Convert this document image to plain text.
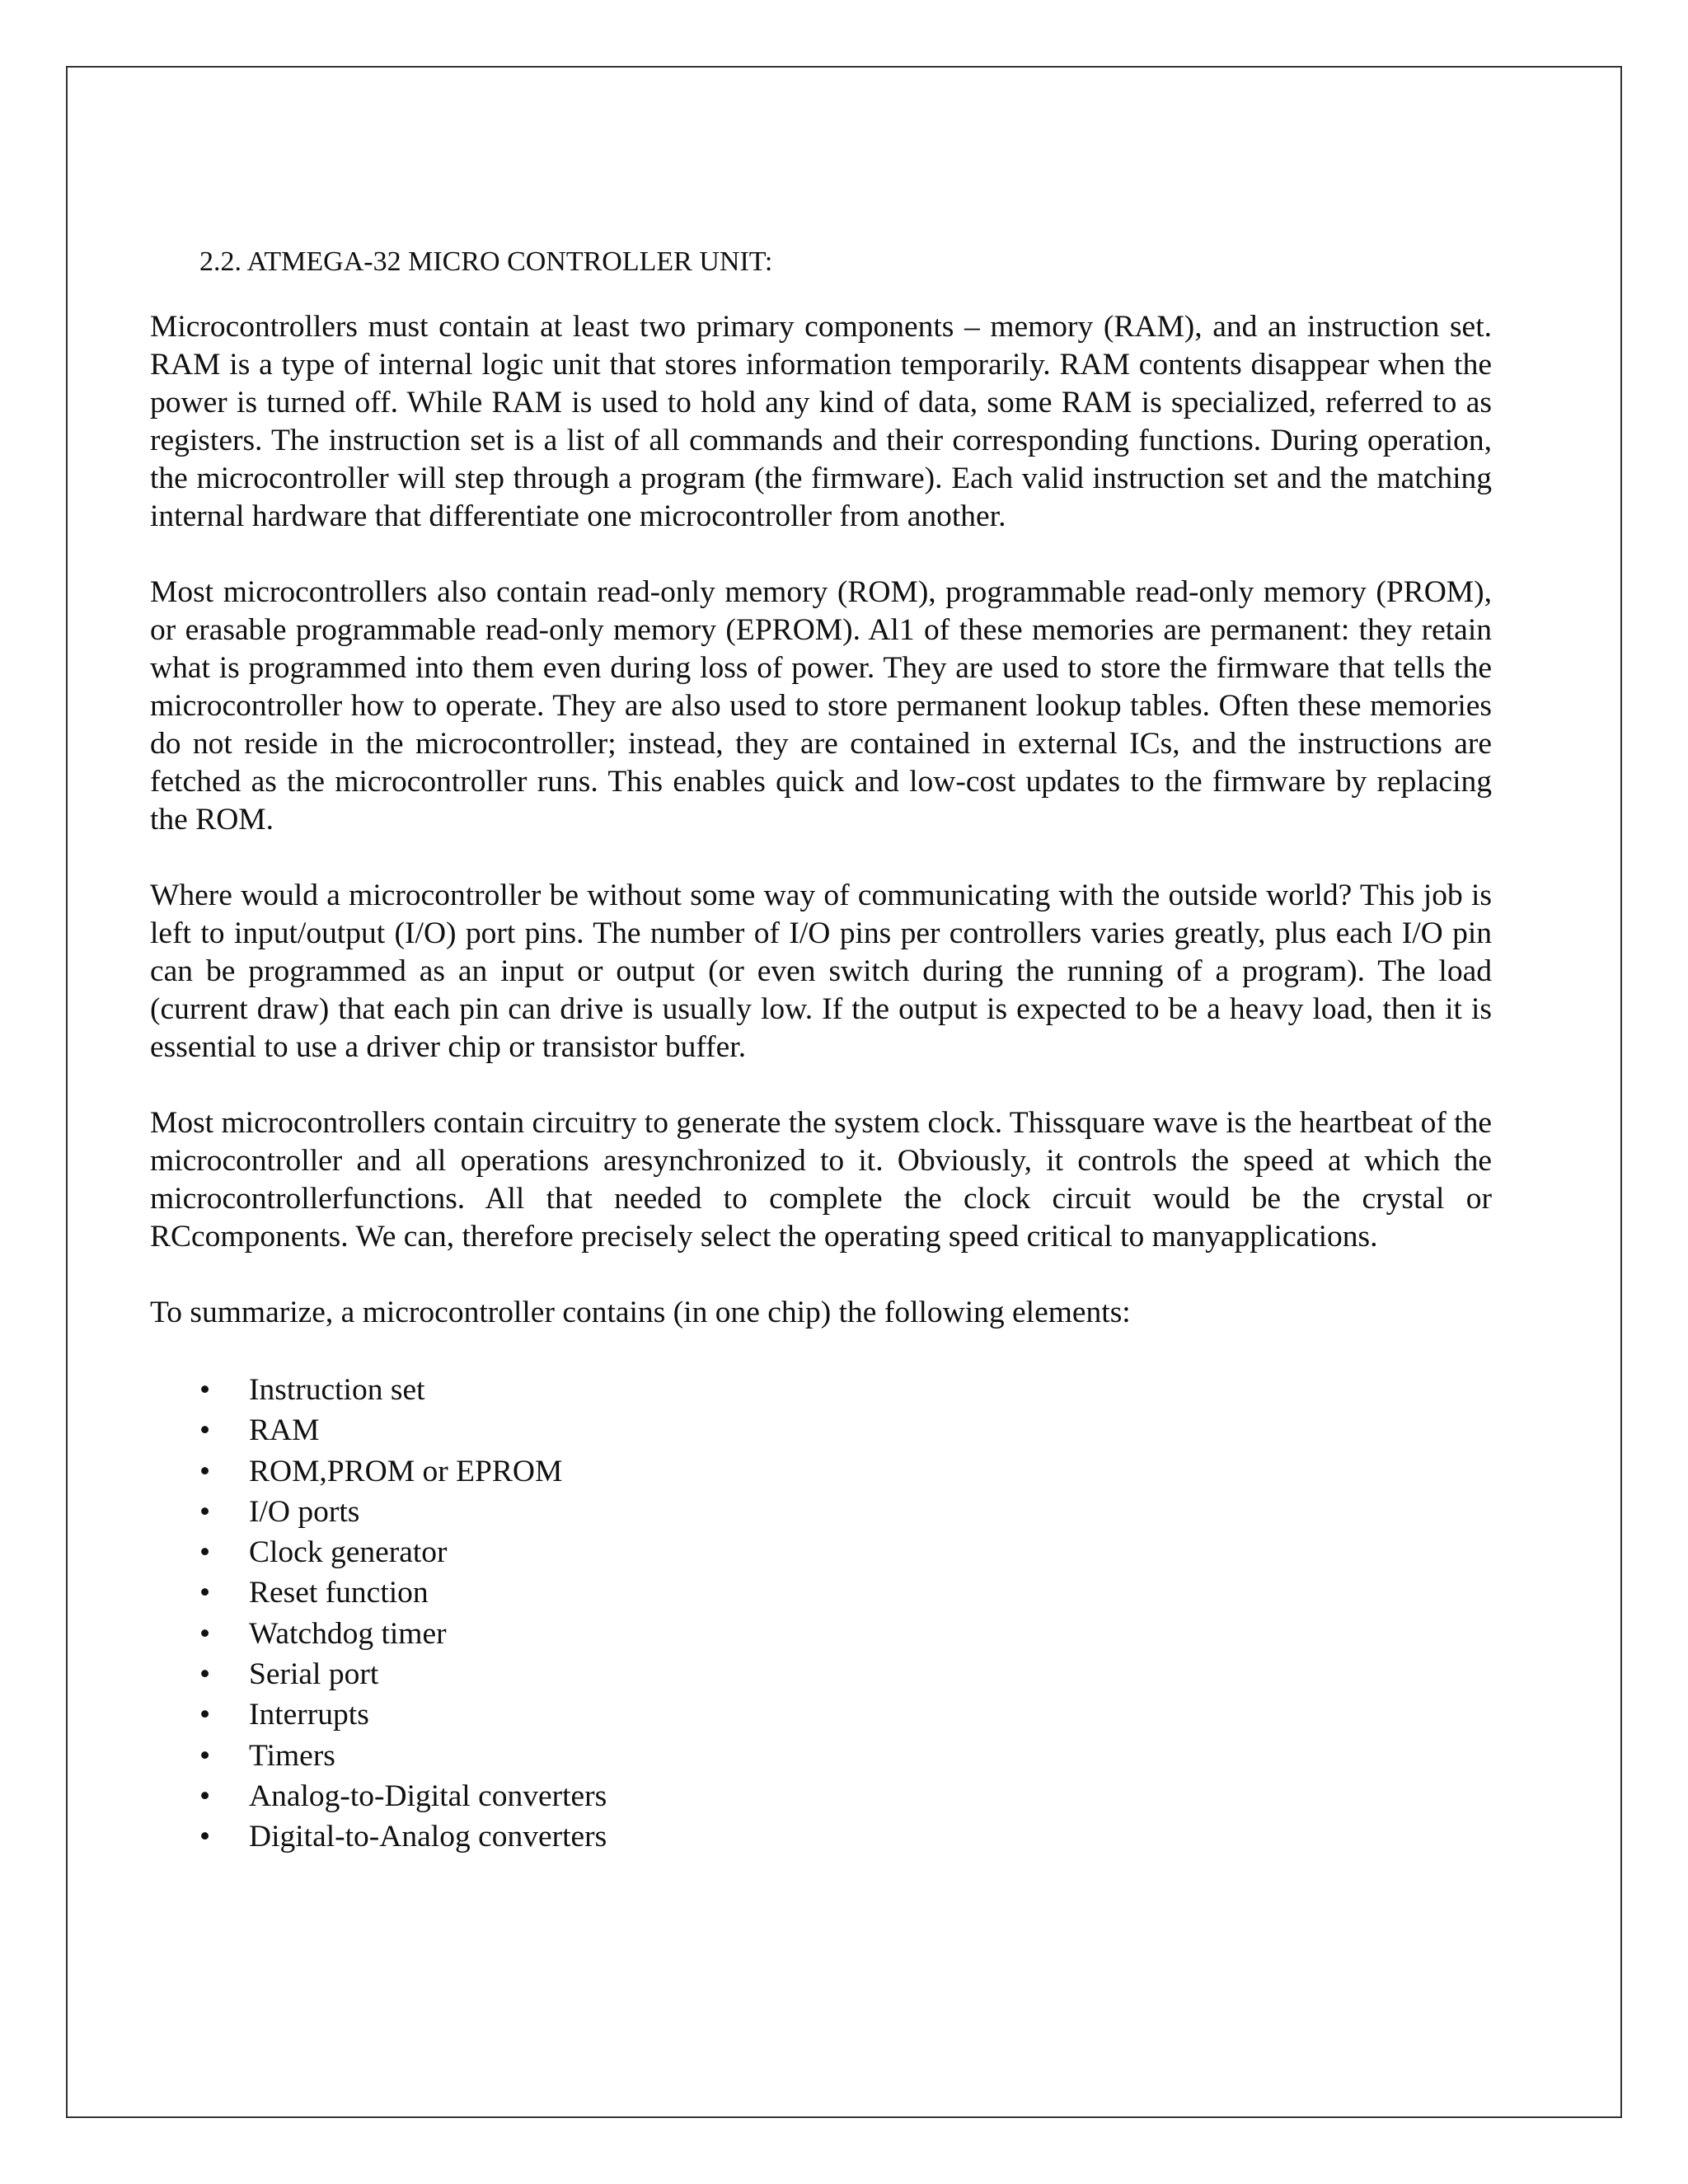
2.2. ATMEGA-32 MICRO CONTROLLER UNIT:

Microcontrollers must contain at least two primary components – memory (RAM), and an instruction set. RAM is a type of internal logic unit that stores information temporarily. RAM contents disappear when the power is turned off. While RAM is used to hold any kind of data, some RAM is specialized, referred to as registers. The instruction set is a list of all commands and their corresponding functions. During operation, the microcontroller will step through a program (the firmware). Each valid instruction set and the matching internal hardware that differentiate one microcontroller from another.

Most microcontrollers also contain read-only memory (ROM), programmable read-only memory (PROM), or erasable programmable read-only memory (EPROM). Al1 of these memories are permanent: they retain what is programmed into them even during loss of power. They are used to store the firmware that tells the microcontroller how to operate. They are also used to store permanent lookup tables. Often these memories do not reside in the microcontroller; instead, they are contained in external ICs, and the instructions are fetched as the microcontroller runs. This enables quick and low-cost updates to the firmware by replacing the ROM.

Where would a microcontroller be without some way of communicating with the outside world? This job is left to input/output (I/O) port pins. The number of I/O pins per controllers varies greatly, plus each I/O pin can be programmed as an input or output (or even switch during the running of a program). The load (current draw) that each pin can drive is usually low. If the output is expected to be a heavy load, then it is essential to use a driver chip or transistor buffer.

Most microcontrollers contain circuitry to generate the system clock. Thissquare wave is the heartbeat of the microcontroller and all operations aresynchronized to it. Obviously, it controls the speed at which the microcontrollerfunctions. All that needed to complete the clock circuit would be the crystal or RCcomponents. We can, therefore precisely select the operating speed critical to manyapplications.

To summarize, a microcontroller contains (in one chip) the following elements:

• Instruction set
• RAM
• ROM,PROM or EPROM
• I/O ports
• Clock generator
• Reset function
• Watchdog timer
• Serial port
• Interrupts
• Timers
• Analog-to-Digital converters
• Digital-to-Analog converters
